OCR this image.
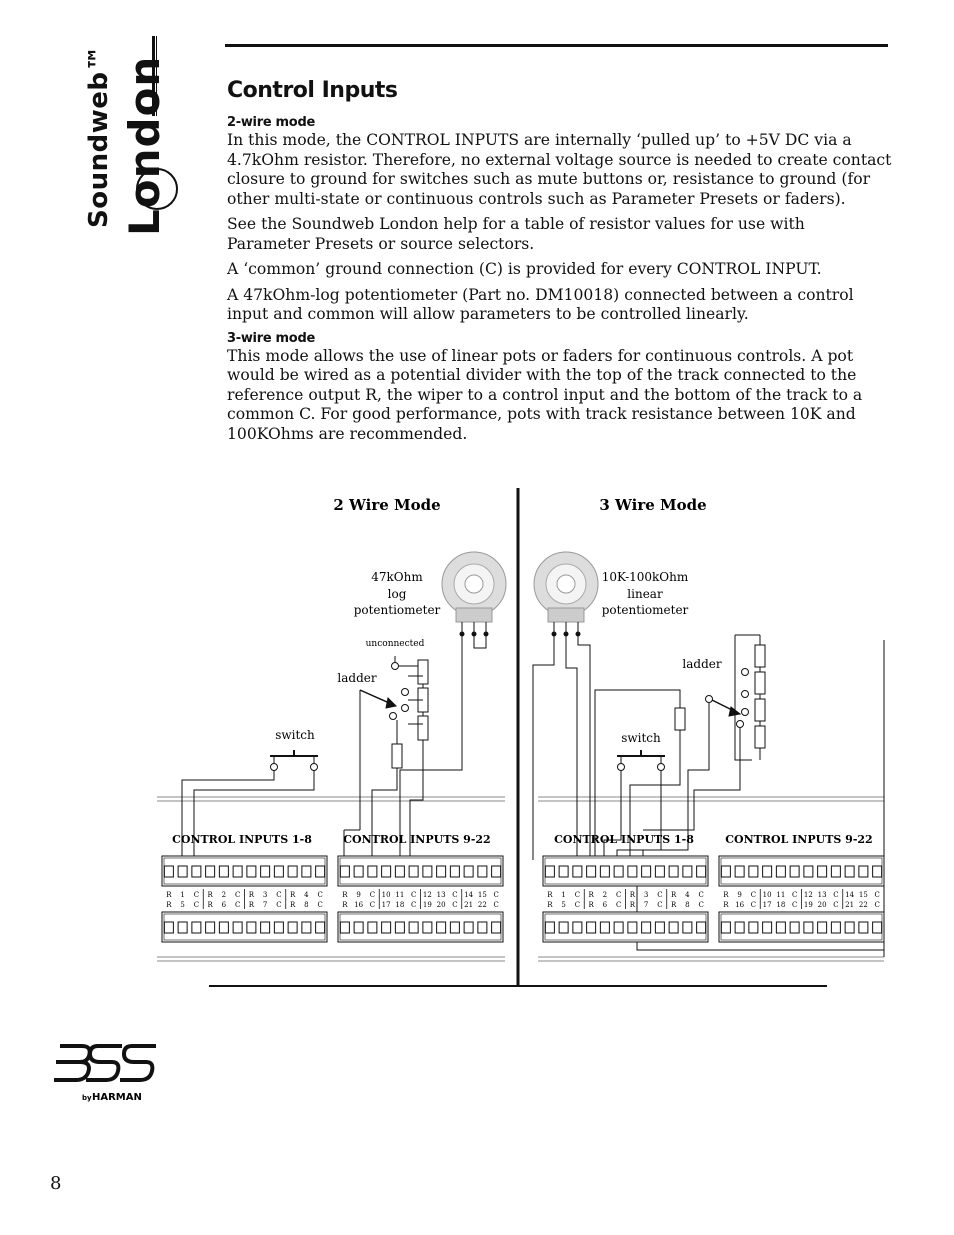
Soundweb™ London	Control Inputs
2-wire mode

In this mode, the CONTROL INPUTS are internally ‘pulled up’ to +5V DC via a 4.7kOhm resistor. Therefore, no external voltage source is needed to create contact closure to ground for switches such as mute buttons or, resistance to ground (for other multi-state or continuous controls such as Parameter Presets or faders).

See the Soundweb London help for a table of resistor values for use with Parameter Presets or source selectors.

A ‘common’ ground connection (C) is provided for every CONTROL INPUT.

A 47kOhm-log potentiometer (Part no. DM10018) connected between a control input and common will allow parameters to be controlled linearly.

3-wire mode

This mode allows the use of linear pots or faders for continuous controls. A pot would be wired as a potential divider with the top of the track connected to the reference output R, the wiper to a control input and the bottom of the track to a common C. For good performance, pots with track resistance between 10K and 100KOhms are recommended.

2 Wire Mode	3 Wire Mode
47kOhm
log
potentiometer
unconnected
ladder
switch
10K-100kOhm
linear
potentiometer
ladder
switch
CONTROL INPUTS 1-8
R
R
1
5
C
C
R
R
2
6
C
C
R
R
3
7
C
C
R
R
4
8
C
C
CONTROL INPUTS 9-22
R
R
9
16
C
C
10
17
11
18
C
C
12
19
13
20
C
C
14
21
15
22
C
C
CONTROL INPUTS 1-8
R
R
1
5
C
C
R
R
2
6
C
C
R
R
3
7
C
C
R
R
4
8
C
C
CONTROL INPUTS 9-22
R
R
9
16
C
C
10
17
11
18
C
C
12
19
13
20
C
C
14
21
15
22
C
C
by HARMAN
8
